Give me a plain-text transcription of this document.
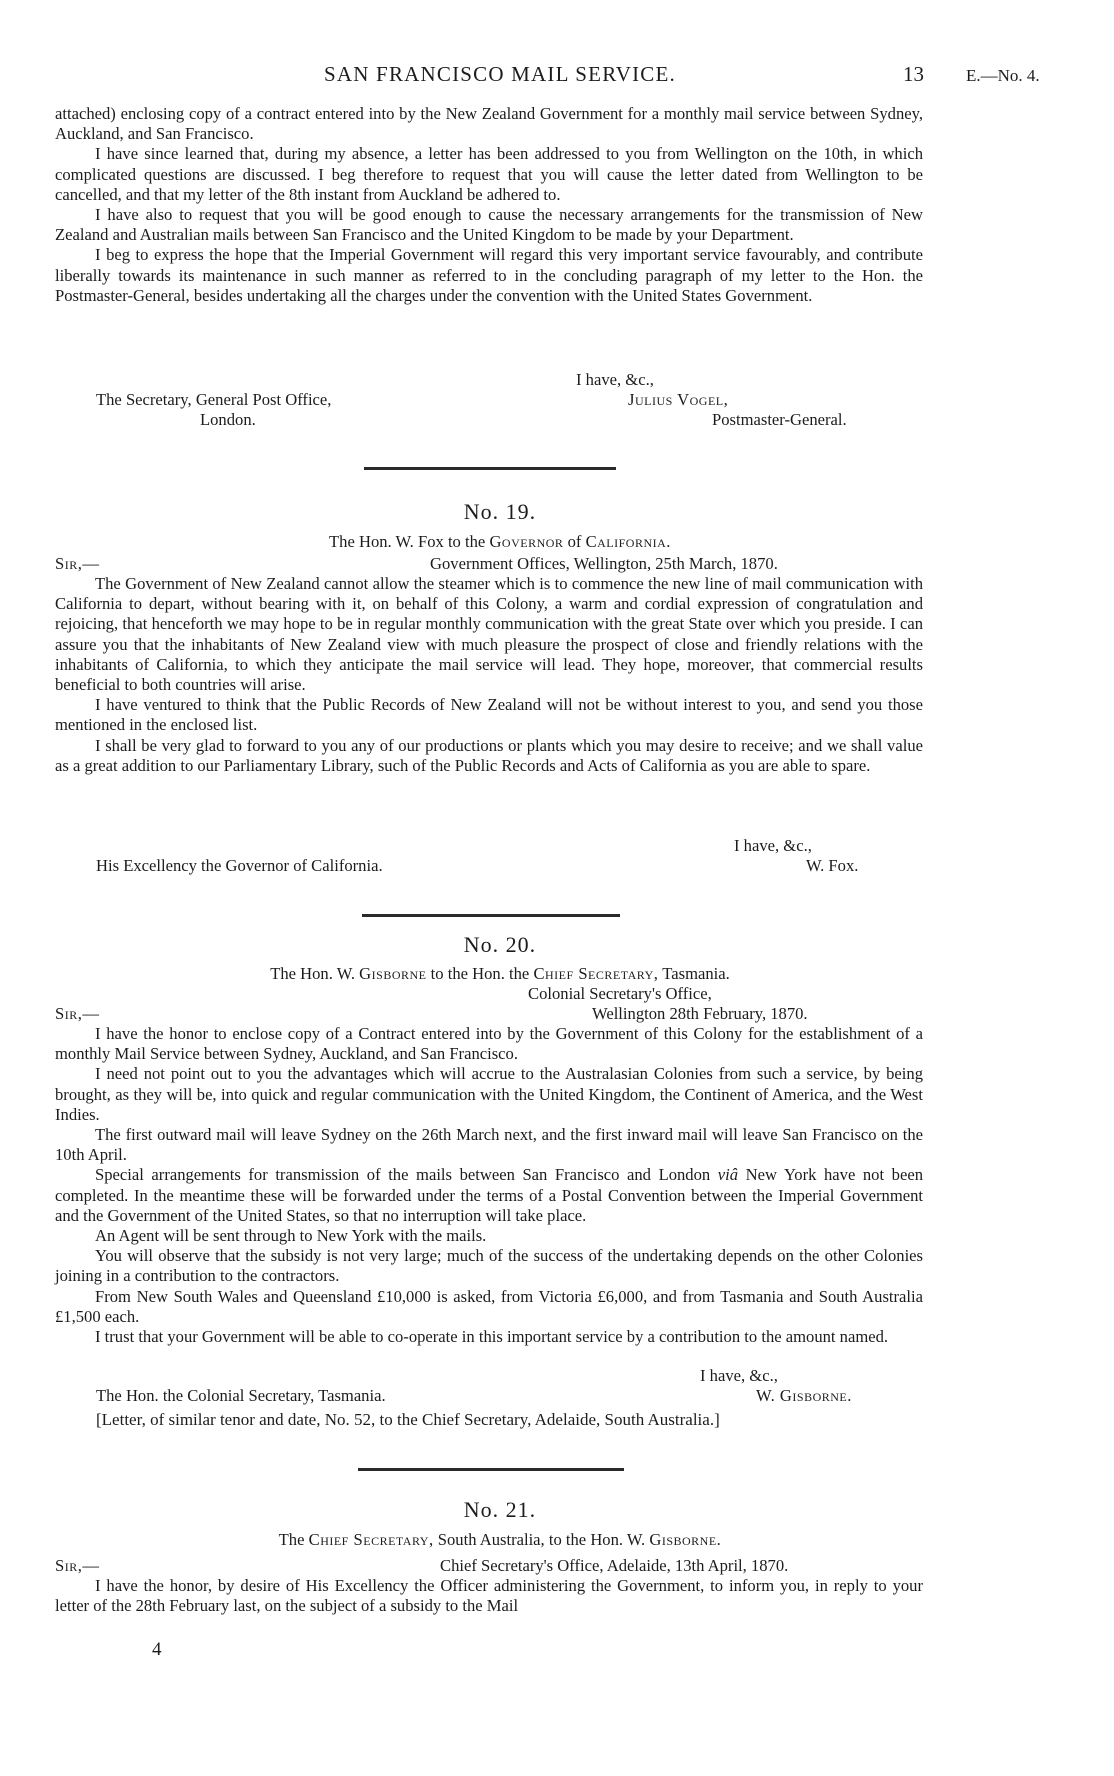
SAN FRANCISCO MAIL SERVICE.	13 E.—No. 4.

attached) enclosing copy of a contract entered into by the New Zealand Government for a monthly mail service between Sydney, Auckland, and San Francisco.

I have since learned that, during my absence, a letter has been addressed to you from Wellington on the 10th, in which complicated questions are discussed. I beg therefore to request that you will cause the letter dated from Wellington to be cancelled, and that my letter of the 8th instant from Auckland be adhered to.

I have also to request that you will be good enough to cause the necessary arrangements for the transmission of New Zealand and Australian mails between San Francisco and the United Kingdom to be made by your Department.

I beg to express the hope that the Imperial Government will regard this very important service favourably, and contribute liberally towards its maintenance in such manner as referred to in the concluding paragraph of my letter to the Hon. the Postmaster-General, besides undertaking all the charges under the convention with the United States Government.

I have, &c.,
The Secretary, General Post Office,
London.
Julius Vogel,
Postmaster-General.
No. 19.
The Hon. W. Fox to the Governor of California.
Sir,—	Government Offices, Wellington, 25th March, 1870.

The Government of New Zealand cannot allow the steamer which is to commence the new line of mail communication with California to depart, without bearing with it, on behalf of this Colony, a warm and cordial expression of congratulation and rejoicing, that henceforth we may hope to be in regular monthly communication with the great State over which you preside. I can assure you that the inhabitants of New Zealand view with much pleasure the prospect of close and friendly relations with the inhabitants of California, to which they anticipate the mail service will lead. They hope, moreover, that commercial results beneficial to both countries will arise.

I have ventured to think that the Public Records of New Zealand will not be without interest to you, and send you those mentioned in the enclosed list.

I shall be very glad to forward to you any of our productions or plants which you may desire to receive; and we shall value as a great addition to our Parliamentary Library, such of the Public Records and Acts of California as you are able to spare.

I have, &c.,
His Excellency the Governor of California.	W. Fox.
No. 20.
The Hon. W. Gisborne to the Hon. the Chief Secretary, Tasmania.
Colonial Secretary's Office,
Sir,—	Wellington 28th February, 1870.

I have the honor to enclose copy of a Contract entered into by the Government of this Colony for the establishment of a monthly Mail Service between Sydney, Auckland, and San Francisco.

I need not point out to you the advantages which will accrue to the Australasian Colonies from such a service, by being brought, as they will be, into quick and regular communication with the United Kingdom, the Continent of America, and the West Indies.

The first outward mail will leave Sydney on the 26th March next, and the first inward mail will leave San Francisco on the 10th April.

Special arrangements for transmission of the mails between San Francisco and London viâ New York have not been completed. In the meantime these will be forwarded under the terms of a Postal Convention between the Imperial Government and the Government of the United States, so that no interruption will take place.

An Agent will be sent through to New York with the mails.

You will observe that the subsidy is not very large; much of the success of the undertaking depends on the other Colonies joining in a contribution to the contractors.

From New South Wales and Queensland £10,000 is asked, from Victoria £6,000, and from Tasmania and South Australia £1,500 each.

I trust that your Government will be able to co-operate in this important service by a contribution to the amount named.

I have, &c.,
The Hon. the Colonial Secretary, Tasmania.	W. Gisborne.
[Letter, of similar tenor and date, No. 52, to the Chief Secretary, Adelaide, South Australia.]
No. 21.
The Chief Secretary, South Australia, to the Hon. W. Gisborne.
Sir,—	Chief Secretary's Office, Adelaide, 13th April, 1870.

I have the honor, by desire of His Excellency the Officer administering the Government, to inform you, in reply to your letter of the 28th February last, on the subject of a subsidy to the Mail

4
